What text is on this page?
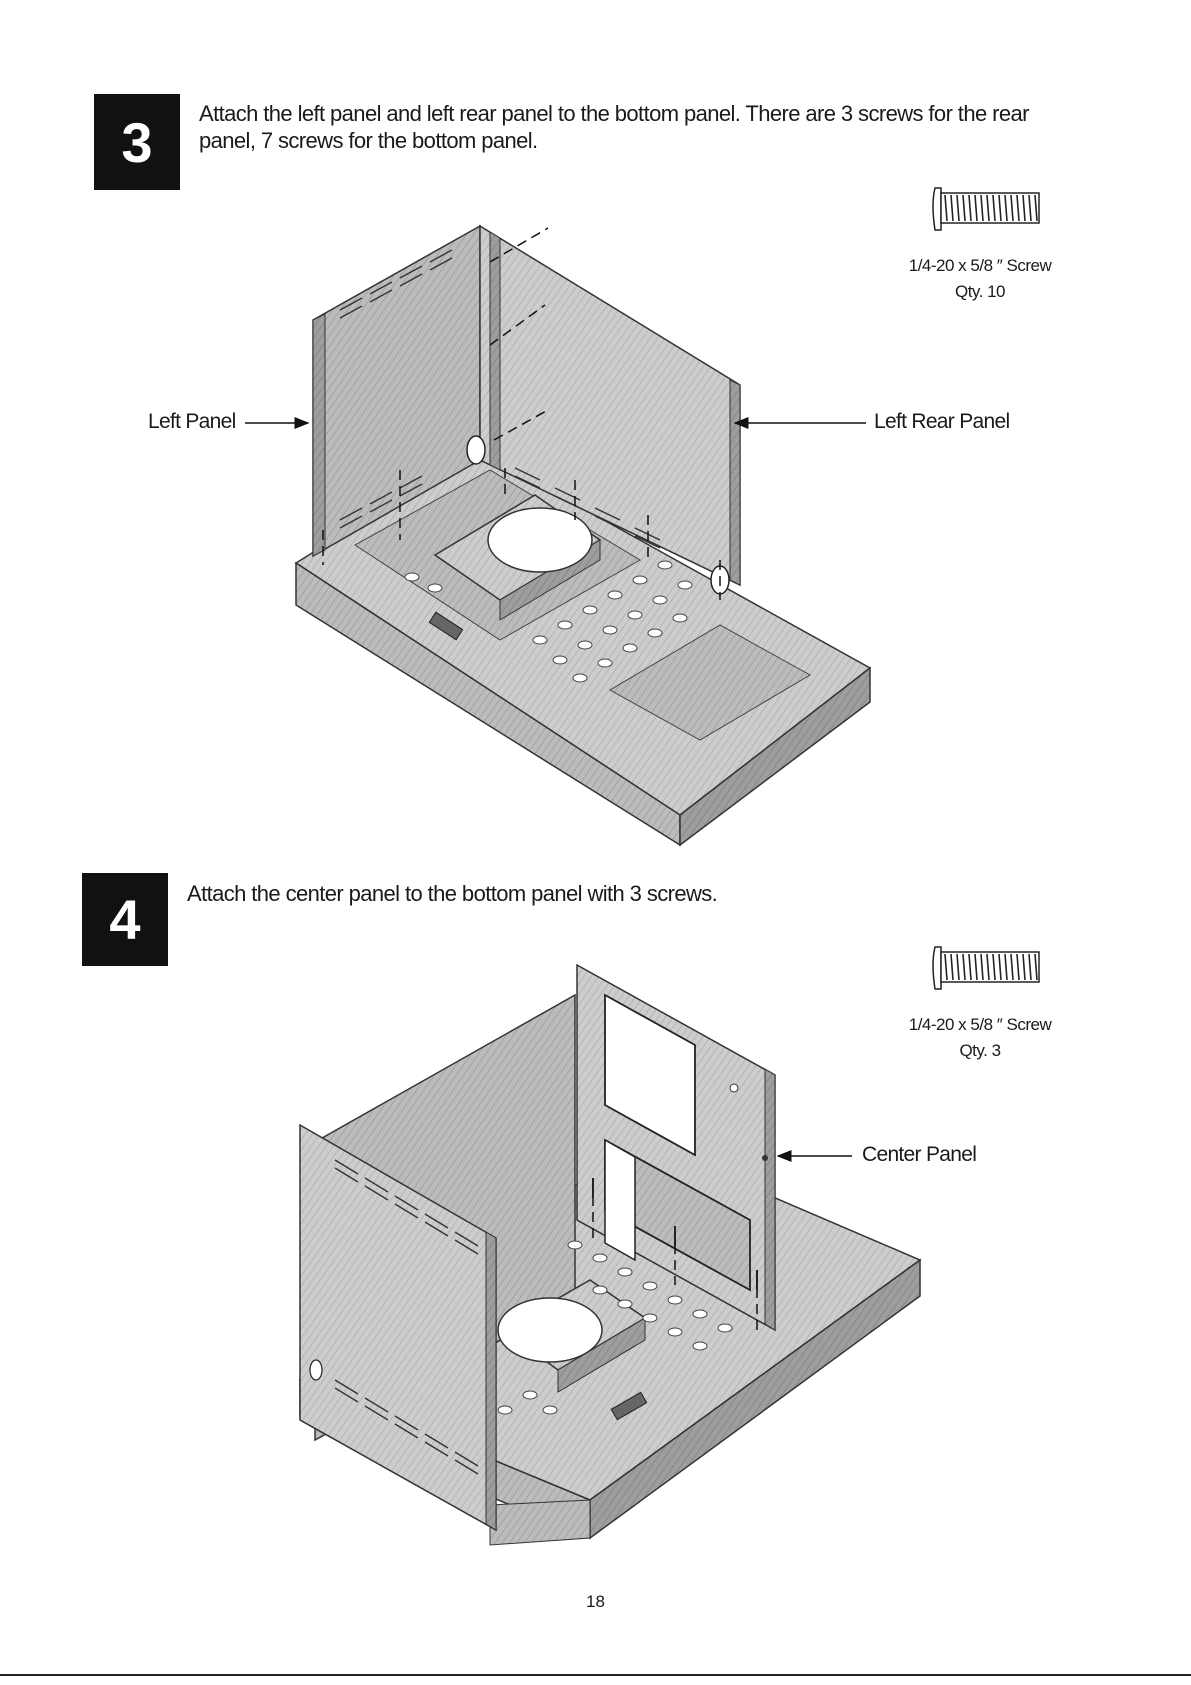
3	Attach the left panel and left rear panel to the bottom panel. There are 3 screws for the rear panel, 7 screws for the bottom panel.
1/4-20 x 5/8 ″ Screw
Qty. 10
Left Panel	Left Rear Panel
4	Attach the center panel to the bottom panel with 3 screws.
1/4-20 x 5/8 ″ Screw
Qty. 3
Center Panel
18
